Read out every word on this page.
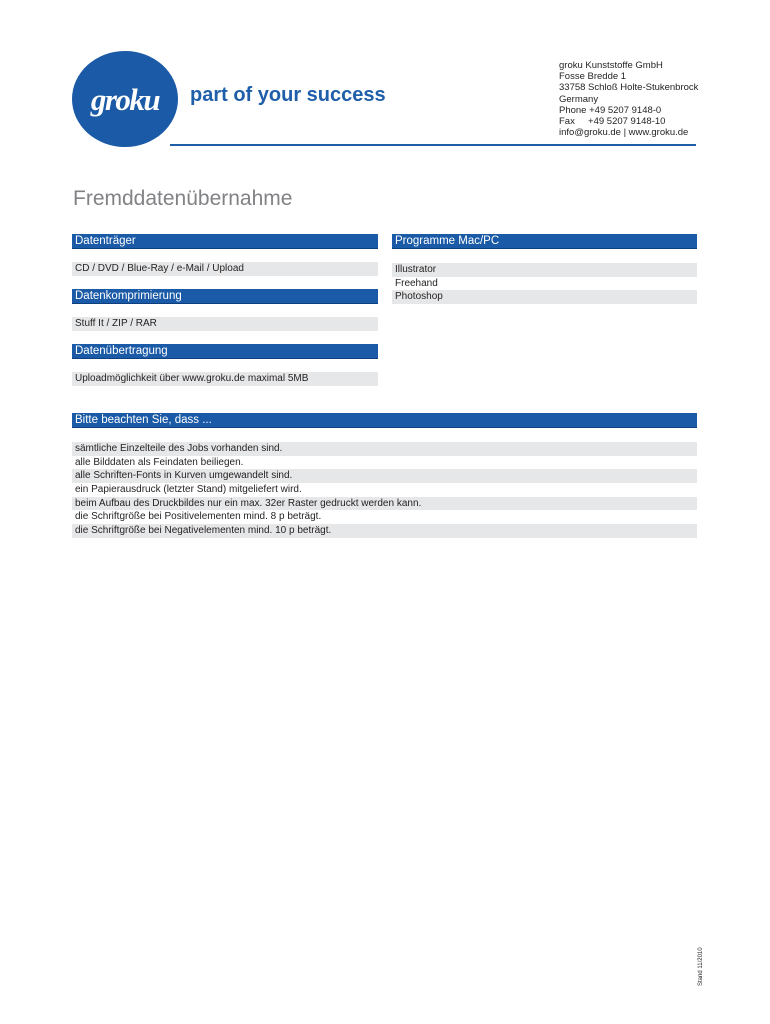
groku part of your success
groku Kunststoffe GmbH
Fosse Bredde 1
33758 Schloß Holte-Stukenbrock
Germany
Phone +49 5207 9148-0
Fax     +49 5207 9148-10
info@groku.de | www.groku.de
Fremddatenübernahme
Datenträger
CD / DVD / Blue-Ray / e-Mail / Upload
Programme Mac/PC
Illustrator
Freehand
Photoshop
Datenkomprimierung
Stuff It / ZIP / RAR
Datenübertragung
Uploadmöglichkeit über www.groku.de maximal 5MB
Bitte beachten Sie, dass ...
sämtliche Einzelteile des Jobs vorhanden sind.
alle Bilddaten als Feindaten beiliegen.
alle Schriften-Fonts in Kurven umgewandelt sind.
ein Papierausdruck (letzter Stand) mitgeliefert wird.
beim Aufbau des Druckbildes nur ein max. 32er Raster gedruckt werden kann.
die Schriftgröße bei Positivelementen mind. 8 p beträgt.
die Schriftgröße bei Negativelementen mind. 10 p beträgt.
Stand 11/2010
